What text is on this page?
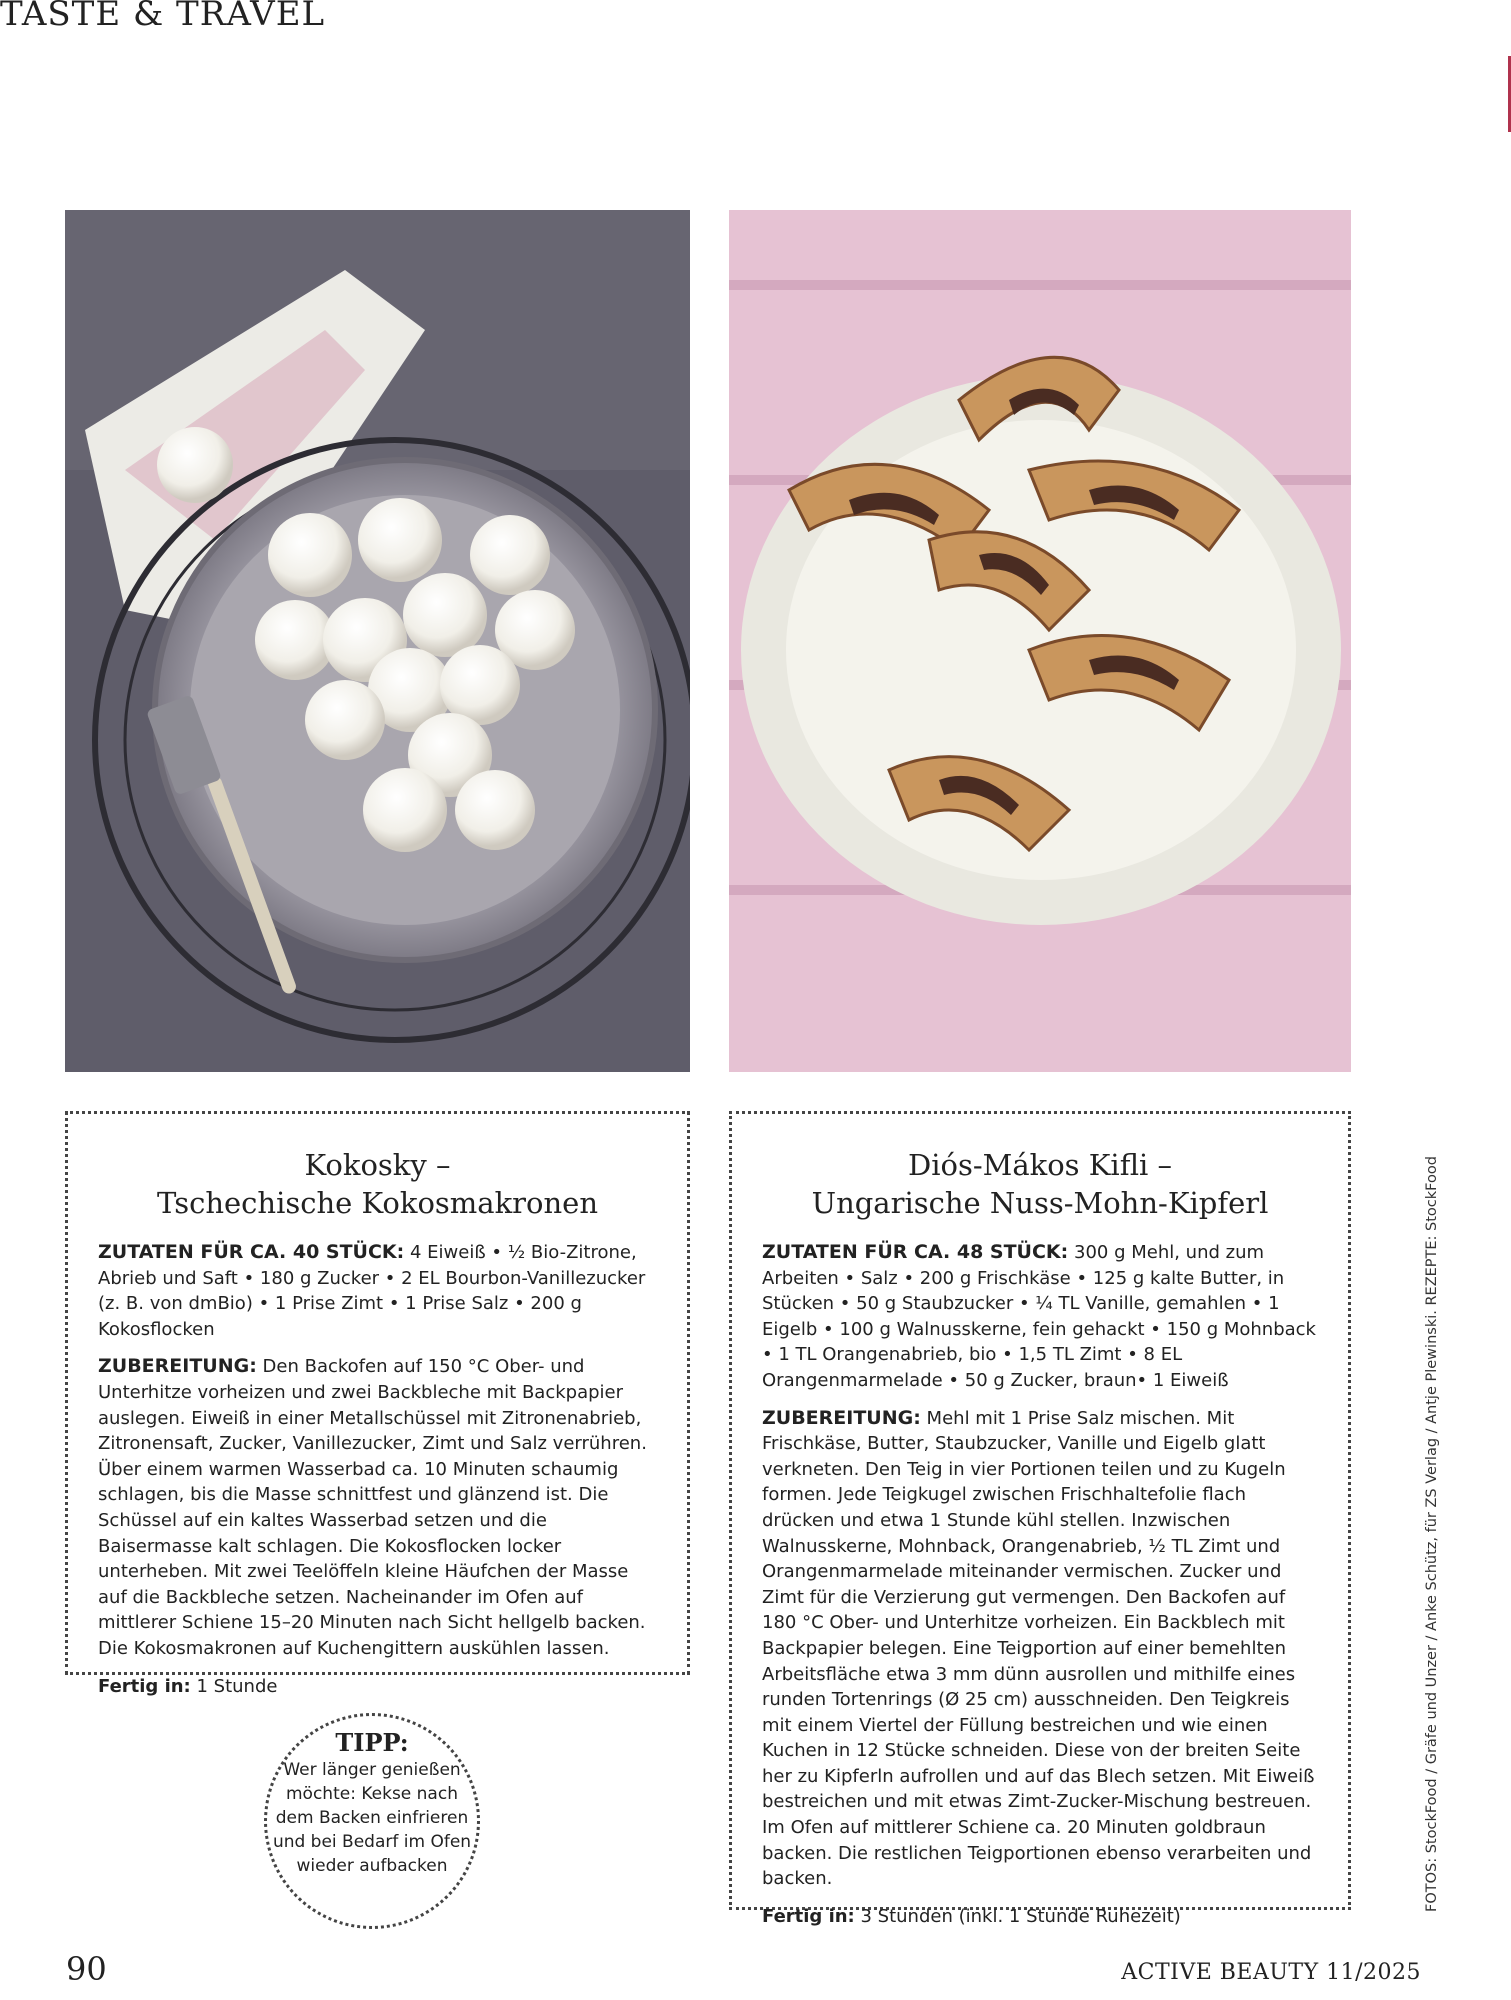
TASTE & TRAVEL
Kokosky –
Tschechische Kokosmakronen

ZUTATEN FÜR CA. 40 STÜCK: 4 Eiweiß • ½ Bio-Zitrone, Abrieb und Saft • 180 g Zucker • 2 EL Bourbon-Vanillezucker (z. B. von dmBio) • 1 Prise Zimt • 1 Prise Salz • 200 g Kokosflocken

ZUBEREITUNG: Den Backofen auf 150 °C Ober- und Unterhitze vorheizen und zwei Backbleche mit Backpapier auslegen. Eiweiß in einer Metallschüssel mit Zitronenabrieb, Zitronensaft, Zucker, Vanillezucker, Zimt und Salz verrühren. Über einem warmen Wasserbad ca. 10 Minuten schaumig schlagen, bis die Masse schnittfest und glänzend ist. Die Schüssel auf ein kaltes Wasserbad setzen und die Baisermasse kalt schlagen. Die Kokosflocken locker unterheben. Mit zwei Teelöffeln kleine Häufchen der Masse auf die Backbleche setzen. Nacheinander im Ofen auf mittlerer Schiene 15–20 Minuten nach Sicht hellgelb backen. Die Kokosmakronen auf Kuchengittern auskühlen lassen.

Fertig in: 1 Stunde

Diós-Mákos Kifli –
Ungarische Nuss-Mohn-Kipferl

ZUTATEN FÜR CA. 48 STÜCK: 300 g Mehl, und zum Arbeiten • Salz • 200 g Frischkäse • 125 g kalte Butter, in Stücken • 50 g Staubzucker • ¼ TL Vanille, gemahlen • 1 Eigelb • 100 g Walnusskerne, fein gehackt • 150 g Mohnback • 1 TL Orangenabrieb, bio • 1,5 TL Zimt • 8 EL Orangenmarmelade • 50 g Zucker, braun• 1 Eiweiß

ZUBEREITUNG: Mehl mit 1 Prise Salz mischen. Mit Frischkäse, Butter, Staubzucker, Vanille und Eigelb glatt verkneten. Den Teig in vier Portionen teilen und zu Kugeln formen. Jede Teigkugel zwischen Frischhaltefolie flach drücken und etwa 1 Stunde kühl stellen. Inzwischen Walnusskerne, Mohnback, Orangenabrieb, ½ TL Zimt und Orangenmarmelade miteinander vermischen. Zucker und Zimt für die Verzierung gut vermengen. Den Backofen auf 180 °C Ober- und Unterhitze vorheizen. Ein Backblech mit Backpapier belegen. Eine Teigportion auf einer bemehlten Arbeitsfläche etwa 3 mm dünn ausrollen und mithilfe eines runden Tortenrings (Ø 25 cm) ausschneiden. Den Teigkreis mit einem Viertel der Füllung bestreichen und wie einen Kuchen in 12 Stücke schneiden. Diese von der breiten Seite her zu Kipferln aufrollen und auf das Blech setzen. Mit Eiweiß bestreichen und mit etwas Zimt-Zucker-Mischung bestreuen. Im Ofen auf mittlerer Schiene ca. 20 Minuten goldbraun backen. Die restlichen Teigportionen ebenso verarbeiten und backen.

Fertig in: 3 Stunden (inkl. 1 Stunde Ruhezeit)

TIPP:
Wer länger genießen möchte: Kekse nach dem Backen einfrieren und bei Bedarf im Ofen wieder aufbacken	FOTOS: StockFood / Gräfe und Unzer / Anke Schütz, für ZS Verlag / Antje Plewinski. REZEPTE: StockFood
90	ACTIVE BEAUTY 11/2025
